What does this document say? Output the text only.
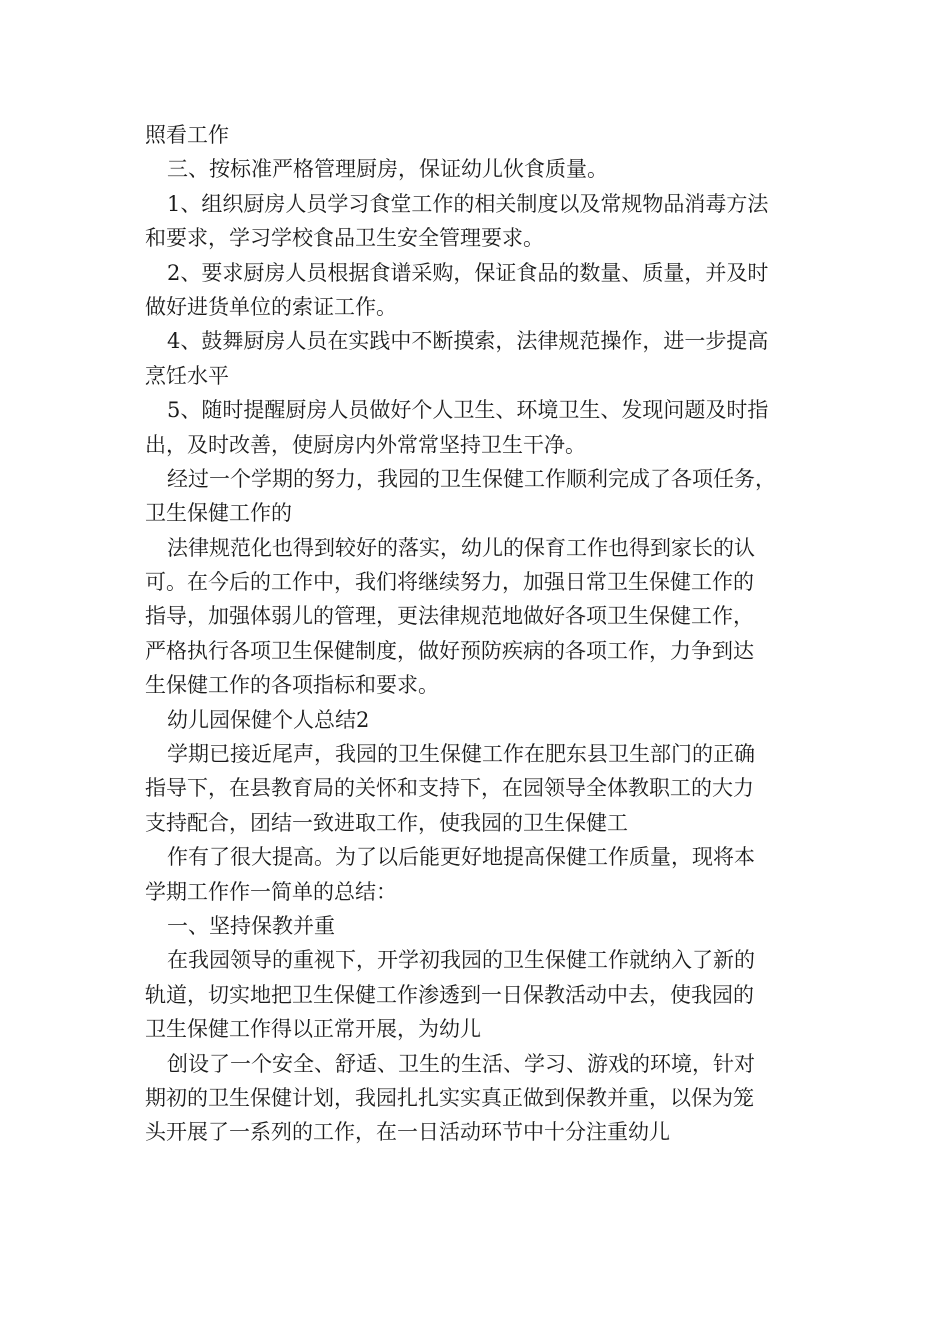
照看工作
三、按标准严格管理厨房，保证幼儿伙食质量。
1、组织厨房人员学习食堂工作的相关制度以及常规物品消毒方法
和要求，学习学校食品卫生安全管理要求。
2、要求厨房人员根据食谱采购，保证食品的数量、质量，并及时
做好进货单位的索证工作。
4、鼓舞厨房人员在实践中不断摸索，法律规范操作，进一步提高
烹饪水平
5、随时提醒厨房人员做好个人卫生、环境卫生、发现问题及时指
出，及时改善，使厨房内外常常坚持卫生干净。
经过一个学期的努力，我园的卫生保健工作顺利完成了各项任务，
卫生保健工作的
法律规范化也得到较好的落实，幼儿的保育工作也得到家长的认
可。在今后的工作中，我们将继续努力，加强日常卫生保健工作的
指导，加强体弱儿的管理，更法律规范地做好各项卫生保健工作，
严格执行各项卫生保健制度，做好预防疾病的各项工作，力争到达
生保健工作的各项指标和要求。
幼儿园保健个人总结2
学期已接近尾声，我园的卫生保健工作在肥东县卫生部门的正确
指导下，在县教育局的关怀和支持下，在园领导全体教职工的大力
支持配合，团结一致进取工作，使我园的卫生保健工
作有了很大提高。为了以后能更好地提高保健工作质量，现将本
学期工作作一简单的总结：
一、坚持保教并重
在我园领导的重视下，开学初我园的卫生保健工作就纳入了新的
轨道，切实地把卫生保健工作渗透到一日保教活动中去，使我园的
卫生保健工作得以正常开展，为幼儿
创设了一个安全、舒适、卫生的生活、学习、游戏的环境，针对
期初的卫生保健计划，我园扎扎实实真正做到保教并重，以保为笼
头开展了一系列的工作，在一日活动环节中十分注重幼儿
